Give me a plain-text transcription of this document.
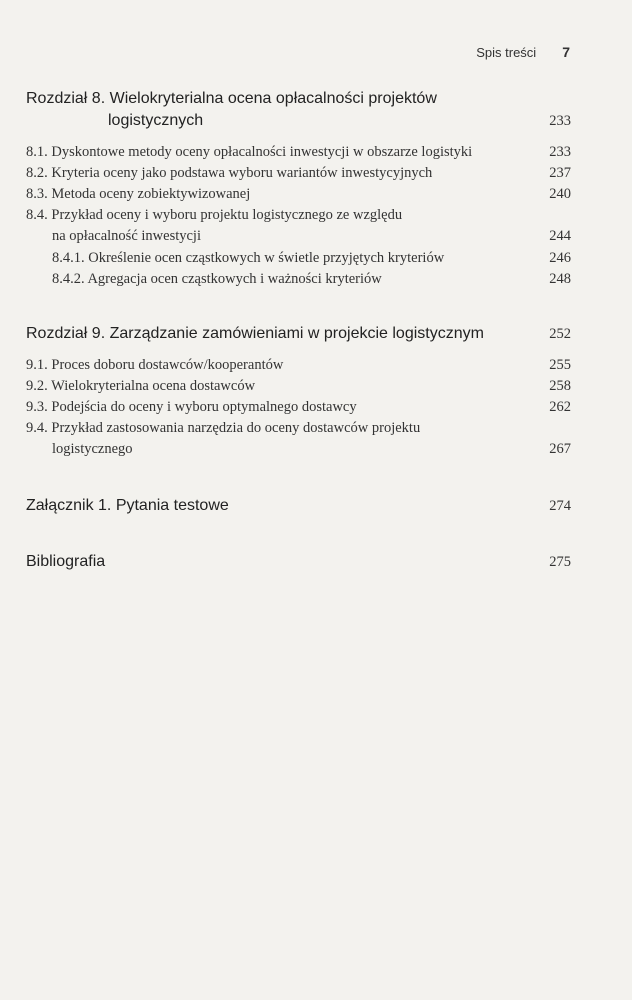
Spis treści 7
Rozdział 8. Wielokryterialna ocena opłacalności projektów
logistycznych	233
8.1. Dyskontowe metody oceny opłacalności inwestycji w obszarze logistyki	233
8.2. Kryteria oceny jako podstawa wyboru wariantów inwestycyjnych	237
8.3. Metoda oceny zobiektywizowanej	240
8.4. Przykład oceny i wyboru projektu logistycznego ze względu
na opłacalność inwestycji	244
8.4.1. Określenie ocen cząstkowych w świetle przyjętych kryteriów	246
8.4.2. Agregacja ocen cząstkowych i ważności kryteriów	248
Rozdział 9. Zarządzanie zamówieniami w projekcie logistycznym	252
9.1. Proces doboru dostawców/kooperantów	255
9.2. Wielokryterialna ocena dostawców	258
9.3. Podejścia do oceny i wyboru optymalnego dostawcy	262
9.4. Przykład zastosowania narzędzia do oceny dostawców projektu
logistycznego	267
Załącznik 1. Pytania testowe	274
Bibliografia	275
